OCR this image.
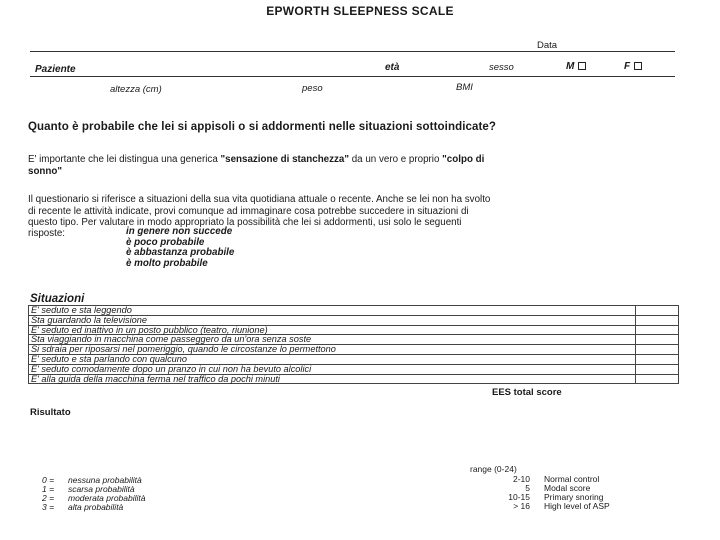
EPWORTH SLEEPNESS SCALE
Data
Paziente	età	sesso	M	F
altezza (cm)	peso	BMI
Quanto è probabile che lei si appisoli o si addormenti nelle situazioni sottoindicate?
E' importante che lei distingua una generica "sensazione di stanchezza" da un vero e proprio "colpo di
sonno"
Il questionario si riferisce a situazioni della sua vita quotidiana attuale o recente. Anche se lei non ha svolto
di recente le attività indicate, provi comunque ad immaginare cosa potrebbe succedere in situazioni di
questo tipo. Per valutare in modo appropriato la possibilità che lei si addormenti, usi solo le seguenti
risposte:	in genere non succede
è poco probabile
è abbastanza probabile
è molto probabile
Situazioni
E' seduto e sta leggendo	
Sta guardando la televisione	
E' seduto ed inattivo in un posto pubblico (teatro, riunione)	
Sta viaggiando in macchina come passeggero da un'ora senza soste	
Si sdraia per riposarsi nel pomeriggio, quando le circostanze lo permettono	
E' seduto e sta parlando con qualcuno	
E' seduto comodamente dopo un pranzo in cui non ha bevuto alcolici	
E' alla guida della macchina ferma nel traffico da pochi minuti	
EES total score
Risultato
0 = nessuna probabilità
1 = scarsa probabilità
2 = moderata probabilità
3 = alta probabilità
range (0-24)
2-10 Normal control
5 Modal score
10-15 Primary snoring
> 16 High level of ASP
